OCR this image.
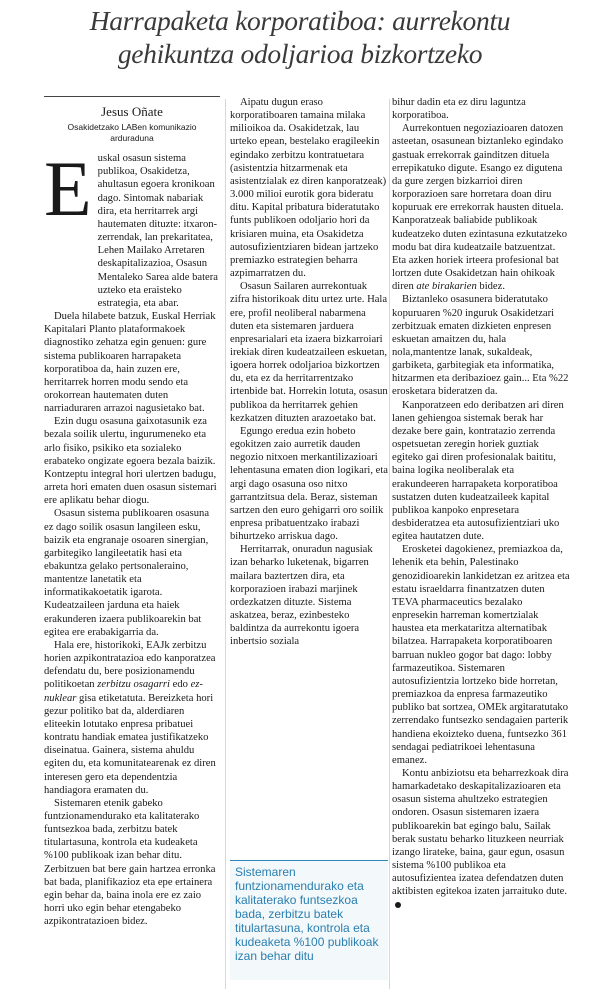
Harrapaketa korporatiboa: aurrekontu
gehikuntza odoljarioa bizkortzeko
Jesus Oñate
Osakidetzako LABen komunikazio
arduraduna
E uskal osasun sistema publikoa, Osakidetza, ahultasun egoera kronikoan dago. Sintomak nabariak dira, eta herritarrek argi hautematen dituzte: itxaron-zerrendak, lan prekaritatea, Lehen Mailako Arretaren deskapitalizazioa, Osasun Mentaleko Sarea alde batera uzteko eta eraisteko estrategia, eta abar.

Duela hilabete batzuk, Euskal Herriak Kapitalari Planto plataformakoek diagnostiko zehatza egin genuen: gure sistema publikoaren harrapaketa korporatiboa da, hain zuzen ere, herritarrek horren modu sendo eta orokorrean hautematen duten narriaduraren arrazoi nagusietako bat.

Ezin dugu osasuna gaixotasunik eza bezala soilik ulertu, ingurumeneko eta arlo fisiko, psikiko eta sozialeko erabateko ongizate egoera bezala baizik. Kontzeptu integral hori ulertzen badugu, arreta hori ematen duen osasun sistemari ere aplikatu behar diogu.

Osasun sistema publikoaren osasuna ez dago soilik osasun langileen esku, baizik eta engranaje osoaren sinergian, garbitegiko langileetatik hasi eta ebakuntza gelako pertsonaleraino, mantentze lanetatik eta informatikakoetatik igarota. Kudeatzaileen jarduna eta haiek erakunderen izaera publikoarekin bat egitea ere erabakigarria da.

Hala ere, historikoki, EAJk zerbitzu horien azpikontratazioa edo kanporatzea defendatu du, bere posizionamendu politikoetan zerbitzu osagarri edo ez-nuklear gisa etiketatuta. Bereizketa hori gezur politiko bat da, alderdiaren eliteekin lotutako enpresa pribatuei kontratu handiak ematea justifikatzeko diseinatua. Gainera, sistema ahuldu egiten du, eta komunitatearenak ez diren interesen gero eta dependentzia handiagora eramaten du.

Sistemaren etenik gabeko funtzionamendurako eta kalitaterako funtsezkoa bada, zerbitzu batek titulartasuna, kontrola eta kudeaketa %100 publikoak izan behar ditu. Zerbitzuen bat bere gain hartzea erronka bat bada, planifikazioz eta epe ertainera egin behar da, baina inola ere ez zaio horri uko egin behar etengabeko azpikontratazioen bidez.

Aipatu dugun eraso korporatiboaren tamaina milaka milioikoa da. Osakidetzak, lau urteko epean, bestelako eragileekin egindako zerbitzu kontratuetara (asistentzia hitzarmenak eta asistentzialak ez diren kanporatzeak) 3.000 milioi eurotik gora bideratu ditu. Kapital pribatura bideratutako funts publikoen odoljario hori da krisiaren muina, eta Osakidetza autosufizientziaren bidean jartzeko premiazko estrategien beharra azpimarratzen du.

Osasun Sailaren aurrekontuak zifra historikoak ditu urtez urte. Hala ere, profil neoliberal nabarmena duten eta sistemaren jarduera enpresarialari eta izaera bizkarroiari irekiak diren kudeatzaileen eskuetan, igoera horrek odoljarioa bizkortzen du, eta ez da herritarrentzako irtenbide bat. Horrekin lotuta, osasun publikoa da herritarrek gehien kezkatzen dituzten arazoetako bat.

Egungo eredua ezin hobeto egokitzen zaio aurretik dauden negozio nitxoen merkantilizazioari lehentasuna ematen dion logikari, eta argi dago osasuna oso nitxo garrantzitsua dela. Beraz, sisteman sartzen den euro gehigarri oro soilik enpresa pribatuentzako irabazi bihurtzeko arriskua dago.

Herritarrak, onuradun nagusiak izan beharko luketenak, bigarren mailara baztertzen dira, eta korporazioen irabazi marjinek ordezkatzen dituzte. Sistema askatzea, beraz, ezinbesteko baldintza da aurrekontu igoera inbertsio soziala

Sistemaren funtzionamendurako eta kalitaterako funtsezkoa bada, zerbitzu batek titulartasuna, kontrola eta kudeaketa %100 publikoak izan behar ditu

bihur dadin eta ez diru laguntza korporatiboa.

Aurrekontuen negoziazioaren datozen asteetan, osasunean biztanleko egindako gastuak errekorrak gainditzen dituela errepikatuko digute. Esango ez digutena da gure zergen bizkarrioi diren korporazioen sare horretara doan diru kopuruak ere errekorrak hausten dituela. Kanporatzeak baliabide publikoak kudeatzeko duten ezintasuna ezkutatzeko modu bat dira kudeatzaile batzuentzat. Eta azken horiek irteera profesional bat lortzen dute Osakidetzan hain ohikoak diren ate birakarien bidez.

Biztanleko osasunera bideratutako kopuruaren %20 inguruk Osakidetzari zerbitzuak ematen dizkieten enpresen eskuetan amaitzen du, hala nola,mantentze lanak, sukaldeak, garbiketa, garbitegiak eta informatika, hitzarmen eta deribazioez gain... Eta %22 erosketara bideratzen da.

Kanporatzeen edo deribatzen ari diren lanen gehiengoa sistemak berak har dezake bere gain, kontratazio zerrenda ospetsuetan zeregin horiek guztiak egiteko gai diren profesionalak baititu, baina logika neoliberalak eta erakundeeren harrapaketa korporatiboa sustatzen duten kudeatzaileek kapital publikoa kanpoko enpresetara desbideratzea eta autosufizientziari uko egitea hautatzen dute.

Erosketei dagokienez, premiazkoa da, lehenik eta behin, Palestinako genozidioarekin lankidetzan ez aritzea eta estatu israeldarra finantzatzen duten TEVA pharmaceutics bezalako enpresekin harreman komertzialak haustea eta merkataritza alternatibak bilatzea. Harrapaketa korporatiboaren barruan nukleo gogor bat dago: lobby farmazeutikoa. Sistemaren autosufizientzia lortzeko bide horretan, premiazkoa da enpresa farmazeutiko publiko bat sortzea, OMEk argitaratutako zerrendako funtsezko sendagaien parterik handiena ekoizteko duena, funtsezko 361 sendagai pediatrikoei lehentasuna emanez.

Kontu anbiziotsu eta beharrezkoak dira hamarkadetako deskapitalizazioaren eta osasun sistema ahultzeko estrategien ondoren. Osasun sistemaren izaera publikoarekin bat egingo balu, Sailak berak sustatu beharko lituzkeen neurriak izango lirateke, baina, gaur egun, osasun sistema %100 publikoa eta autosufizientea izatea defendatzen duten aktibisten egitekoa izaten jarraituko dute.
